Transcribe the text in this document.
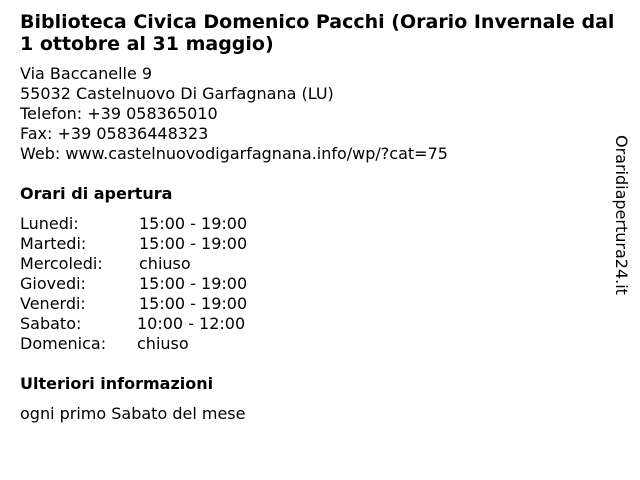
Biblioteca Civica Domenico Pacchi (Orario Invernale dal 1 ottobre al 31 maggio)
Via Baccanelle 9
55032 Castelnuovo Di Garfagnana (LU)
Telefon: +39 058365010
Fax: +39 05836448323
Web: www.castelnuovodigarfagnana.info/wp/?cat=75
Orari di apertura
Lunedi:	15:00 - 19:00
Martedi:	15:00 - 19:00
Mercoledi: chiuso
Giovedi:	15:00 - 19:00
Venerdi:	15:00 - 19:00
Sabato:	10:00 - 12:00
Domenica: chiuso
Ulteriori informazioni
ogni primo Sabato del mese
Oraridiapertura24.it
